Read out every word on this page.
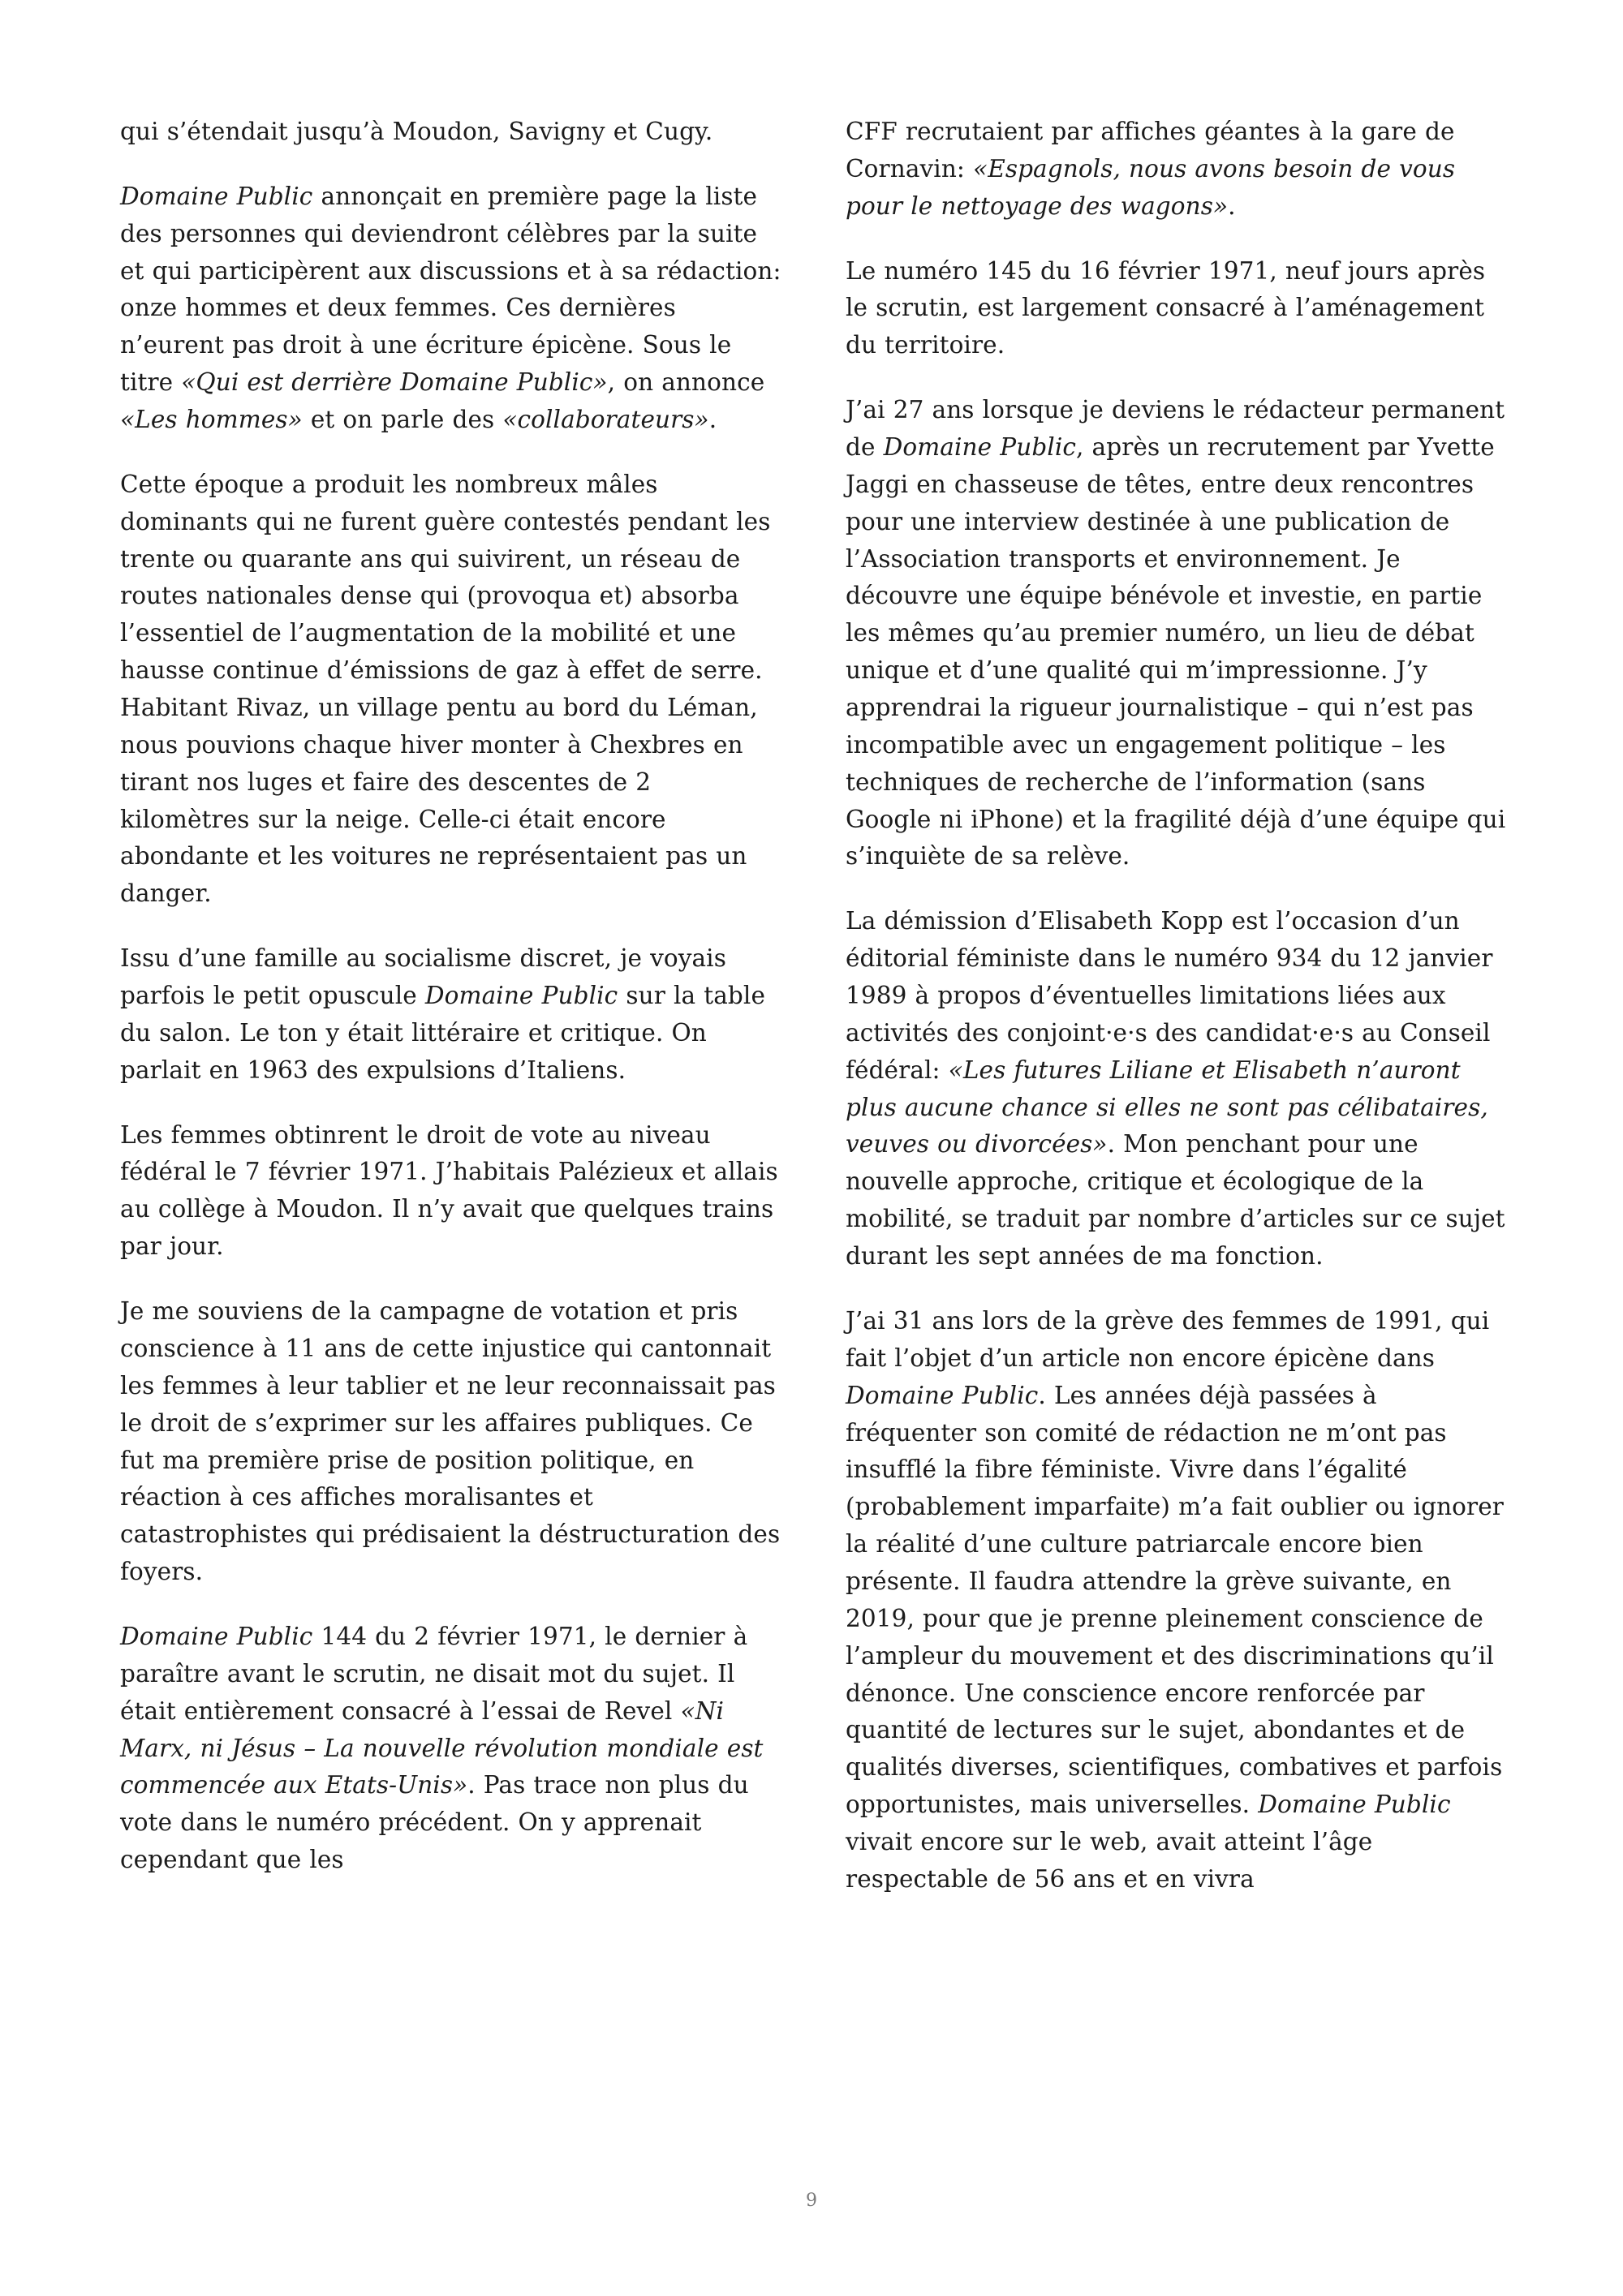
qui s’étendait jusqu’à Moudon, Savigny et Cugy.

Domaine Public annonçait en première page la liste des personnes qui deviendront célèbres par la suite et qui participèrent aux discussions et à sa rédaction: onze hommes et deux femmes. Ces dernières n’eurent pas droit à une écriture épicène. Sous le titre «Qui est derrière Domaine Public», on annonce «Les hommes» et on parle des «collaborateurs».

Cette époque a produit les nombreux mâles dominants qui ne furent guère contestés pendant les trente ou quarante ans qui suivirent, un réseau de routes nationales dense qui (provoqua et) absorba l’essentiel de l’augmentation de la mobilité et une hausse continue d’émissions de gaz à effet de serre. Habitant Rivaz, un village pentu au bord du Léman, nous pouvions chaque hiver monter à Chexbres en tirant nos luges et faire des descentes de 2 kilomètres sur la neige. Celle-ci était encore abondante et les voitures ne représentaient pas un danger.

Issu d’une famille au socialisme discret, je voyais parfois le petit opuscule Domaine Public sur la table du salon. Le ton y était littéraire et critique. On parlait en 1963 des expulsions d’Italiens.

Les femmes obtinrent le droit de vote au niveau fédéral le 7 février 1971. J’habitais Palézieux et allais au collège à Moudon. Il n’y avait que quelques trains par jour.

Je me souviens de la campagne de votation et pris conscience à 11 ans de cette injustice qui cantonnait les femmes à leur tablier et ne leur reconnaissait pas le droit de s’exprimer sur les affaires publiques. Ce fut ma première prise de position politique, en réaction à ces affiches moralisantes et catastrophistes qui prédisaient la déstructuration des foyers.

Domaine Public 144 du 2 février 1971, le dernier à paraître avant le scrutin, ne disait mot du sujet. Il était entièrement consacré à l’essai de Revel «Ni Marx, ni Jésus – La nouvelle révolution mondiale est commencée aux Etats-Unis». Pas trace non plus du vote dans le numéro précédent. On y apprenait cependant que les

CFF recrutaient par affiches géantes à la gare de Cornavin: «Espagnols, nous avons besoin de vous pour le nettoyage des wagons».

Le numéro 145 du 16 février 1971, neuf jours après le scrutin, est largement consacré à l’aménagement du territoire.

J’ai 27 ans lorsque je deviens le rédacteur permanent de Domaine Public, après un recrutement par Yvette Jaggi en chasseuse de têtes, entre deux rencontres pour une interview destinée à une publication de l’Association transports et environnement. Je découvre une équipe bénévole et investie, en partie les mêmes qu’au premier numéro, un lieu de débat unique et d’une qualité qui m’impressionne. J’y apprendrai la rigueur journalistique – qui n’est pas incompatible avec un engagement politique – les techniques de recherche de l’information (sans Google ni iPhone) et la fragilité déjà d’une équipe qui s’inquiète de sa relève.

La démission d’Elisabeth Kopp est l’occasion d’un éditorial féministe dans le numéro 934 du 12 janvier 1989 à propos d’éventuelles limitations liées aux activités des conjoint·e·s des candidat·e·s au Conseil fédéral: «Les futures Liliane et Elisabeth n’auront plus aucune chance si elles ne sont pas célibataires, veuves ou divorcées». Mon penchant pour une nouvelle approche, critique et écologique de la mobilité, se traduit par nombre d’articles sur ce sujet durant les sept années de ma fonction.

J’ai 31 ans lors de la grève des femmes de 1991, qui fait l’objet d’un article non encore épicène dans Domaine Public. Les années déjà passées à fréquenter son comité de rédaction ne m’ont pas insufflé la fibre féministe. Vivre dans l’égalité (probablement imparfaite) m’a fait oublier ou ignorer la réalité d’une culture patriarcale encore bien présente. Il faudra attendre la grève suivante, en 2019, pour que je prenne pleinement conscience de l’ampleur du mouvement et des discriminations qu’il dénonce. Une conscience encore renforcée par quantité de lectures sur le sujet, abondantes et de qualités diverses, scientifiques, combatives et parfois opportunistes, mais universelles. Domaine Public vivait encore sur le web, avait atteint l’âge respectable de 56 ans et en vivra

9
